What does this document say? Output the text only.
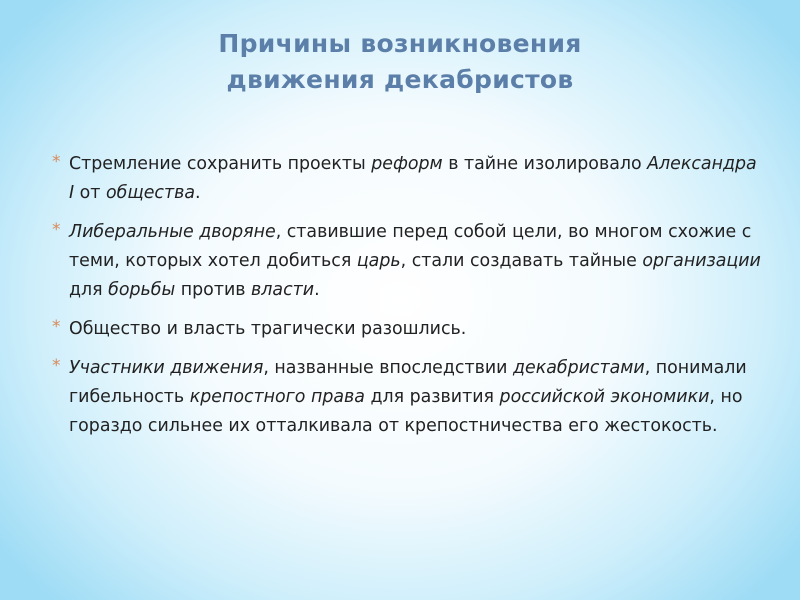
Причины возникновения
движения декабристов
* Стремление сохранить проекты реформ в тайне изолировало Александра I от общества.
* Либеральные дворяне, ставившие перед собой цели, во многом схожие с теми, которых хотел добиться царь, стали создавать тайные организации для борьбы против власти.
* Общество и власть трагически разошлись.
* Участники движения, названные впоследствии декабристами, понимали гибельность крепостного права для развития российской экономики, но гораздо сильнее их отталкивала от крепостничества его жестокость.
